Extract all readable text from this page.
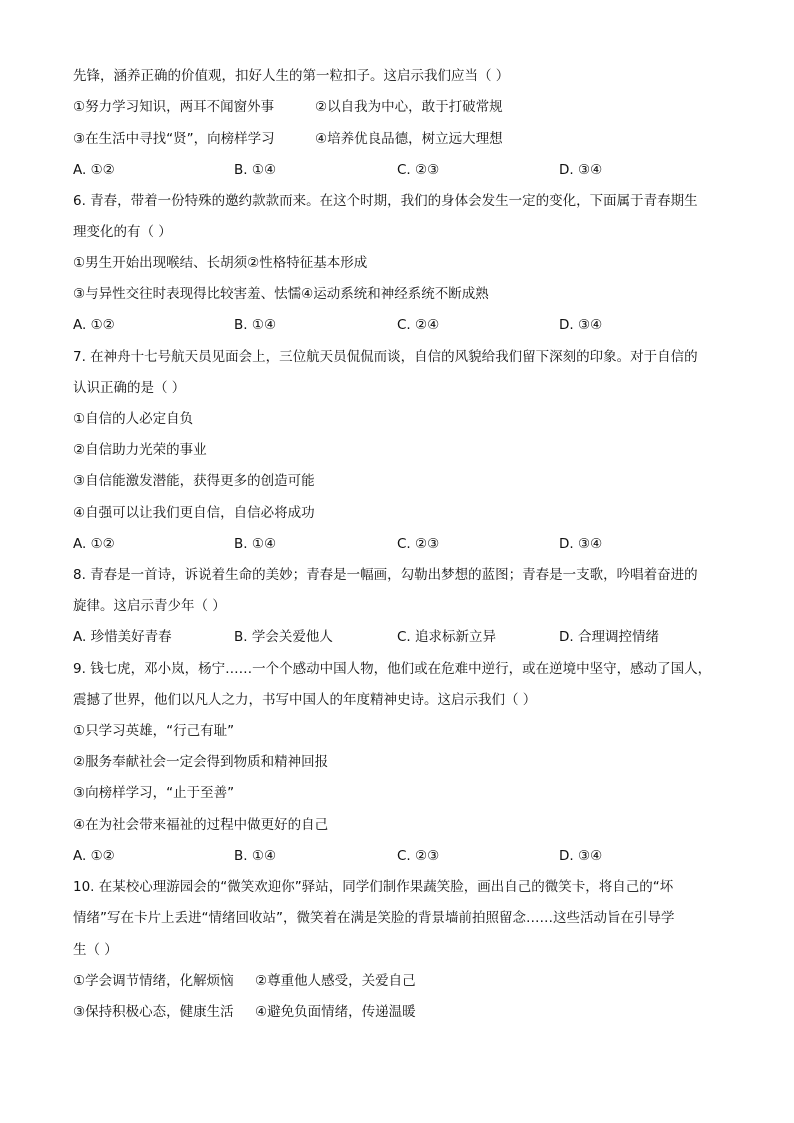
先锋，涵养正确的价值观，扣好人生的第一粒扣子。这启示我们应当（ ）
①努力学习知识，两耳不闻窗外事	②以自我为中心，敢于打破常规
③在生活中寻找“贤”，向榜样学习	④培养优良品德，树立远大理想
A. ①②	B. ①④	C. ②③	D. ③④
6. 青春，带着一份特殊的邀约款款而来。在这个时期，我们的身体会发生一定的变化，下面属于青春期生
理变化的有（ ）
①男生开始出现喉结、长胡须②性格特征基本形成
③与异性交往时表现得比较害羞、怯懦④运动系统和神经系统不断成熟
A. ①②	B. ①④	C. ②④	D. ③④
7. 在神舟十七号航天员见面会上，三位航天员侃侃而谈，自信的风貌给我们留下深刻的印象。对于自信的
认识正确的是（ ）
①自信的人必定自负
②自信助力光荣的事业
③自信能激发潜能，获得更多的创造可能
④自强可以让我们更自信，自信必将成功
A. ①②	B. ①④	C. ②③	D. ③④
8. 青春是一首诗，诉说着生命的美妙；青春是一幅画，勾勒出梦想的蓝图；青春是一支歌，吟唱着奋进的
旋律。这启示青少年（ ）
A. 珍惜美好青春	B. 学会关爱他人	C. 追求标新立异	D. 合理调控情绪
9. 钱七虎，邓小岚，杨宁……一个个感动中国人物，他们或在危难中逆行，或在逆境中坚守，感动了国人，
震撼了世界，他们以凡人之力，书写中国人的年度精神史诗。这启示我们（ ）
①只学习英雄，“行己有耻”
②服务奉献社会一定会得到物质和精神回报
③向榜样学习，“止于至善”
④在为社会带来福祉的过程中做更好的自己
A. ①②	B. ①④	C. ②③	D. ③④
10. 在某校心理游园会的“微笑欢迎你”驿站，同学们制作果蔬笑脸，画出自己的微笑卡，将自己的“坏
情绪”写在卡片上丢进“情绪回收站”，微笑着在满是笑脸的背景墙前拍照留念……这些活动旨在引导学
生（ ）
①学会调节情绪，化解烦恼 ②尊重他人感受，关爱自己
③保持积极心态，健康生活 ④避免负面情绪，传递温暖
